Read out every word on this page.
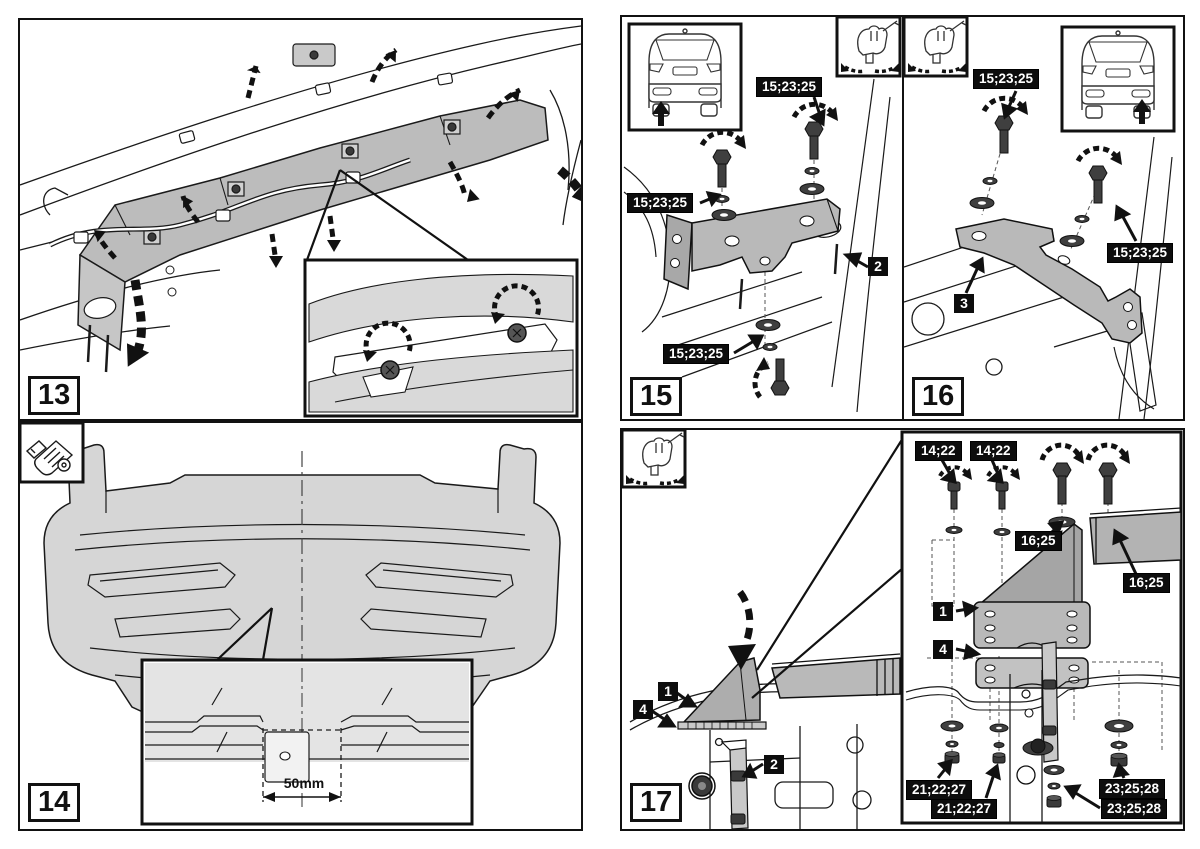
13
50mm
14
15;23;25
15;23;25
15;23;25
2
15
15;23;25
15;23;25
3
16
14;22	14;22
16;25
16;25
1
4
21;22;27
21;22;27
23;25;28
23;25;28
1
4
2
17
